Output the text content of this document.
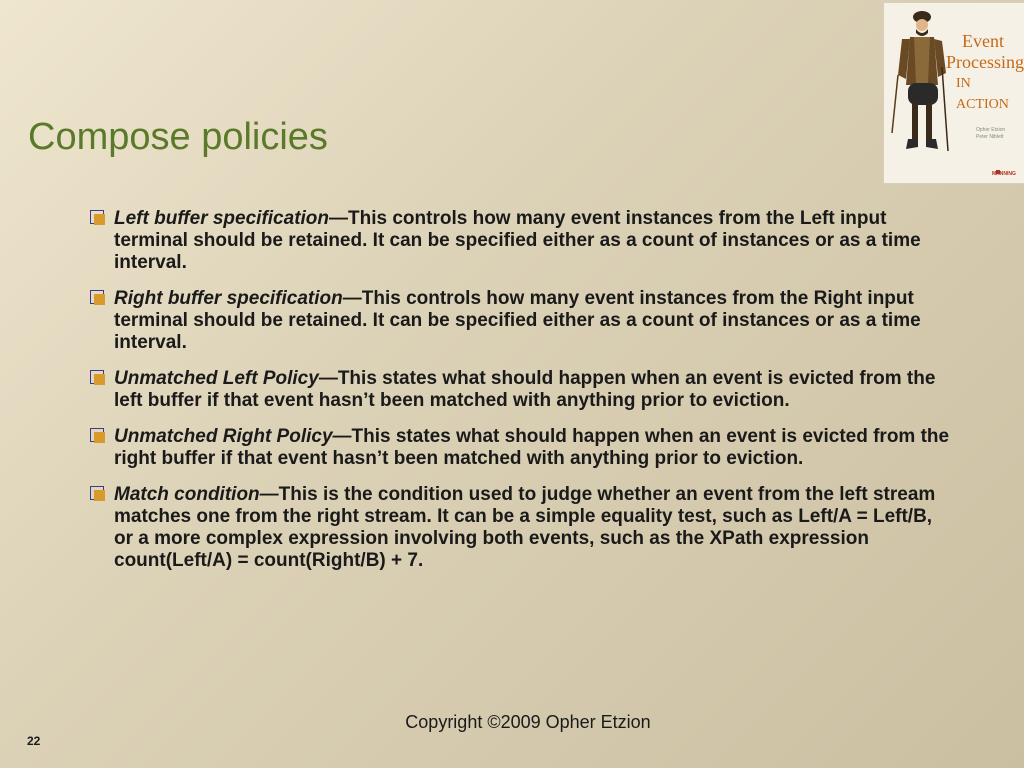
Compose policies
Event
Processing
IN ACTION
Opher Etzion
Peter Niblett
MANNING
Left buffer specification—This controls how many event instances from the Left input terminal should be retained. It can be specified either as a count of instances or as a time interval.
Right buffer specification—This controls how many event instances from the Right input terminal should be retained. It can be specified either as a count of instances or as a time interval.
Unmatched Left Policy—This states what should happen when an event is evicted from the left buffer if that event hasn’t been matched with anything prior to eviction.
Unmatched Right Policy—This states what should happen when an event is evicted from the right buffer if that event hasn’t been matched with anything prior to eviction.
Match condition—This is the condition used to judge whether an event from the left stream matches one from the right stream. It can be a simple equality test, such as Left/A = Left/B, or a more complex expression involving both events, such as the XPath expression count(Left/A) = count(Right/B) + 7.
Copyright ©2009 Opher Etzion
22
